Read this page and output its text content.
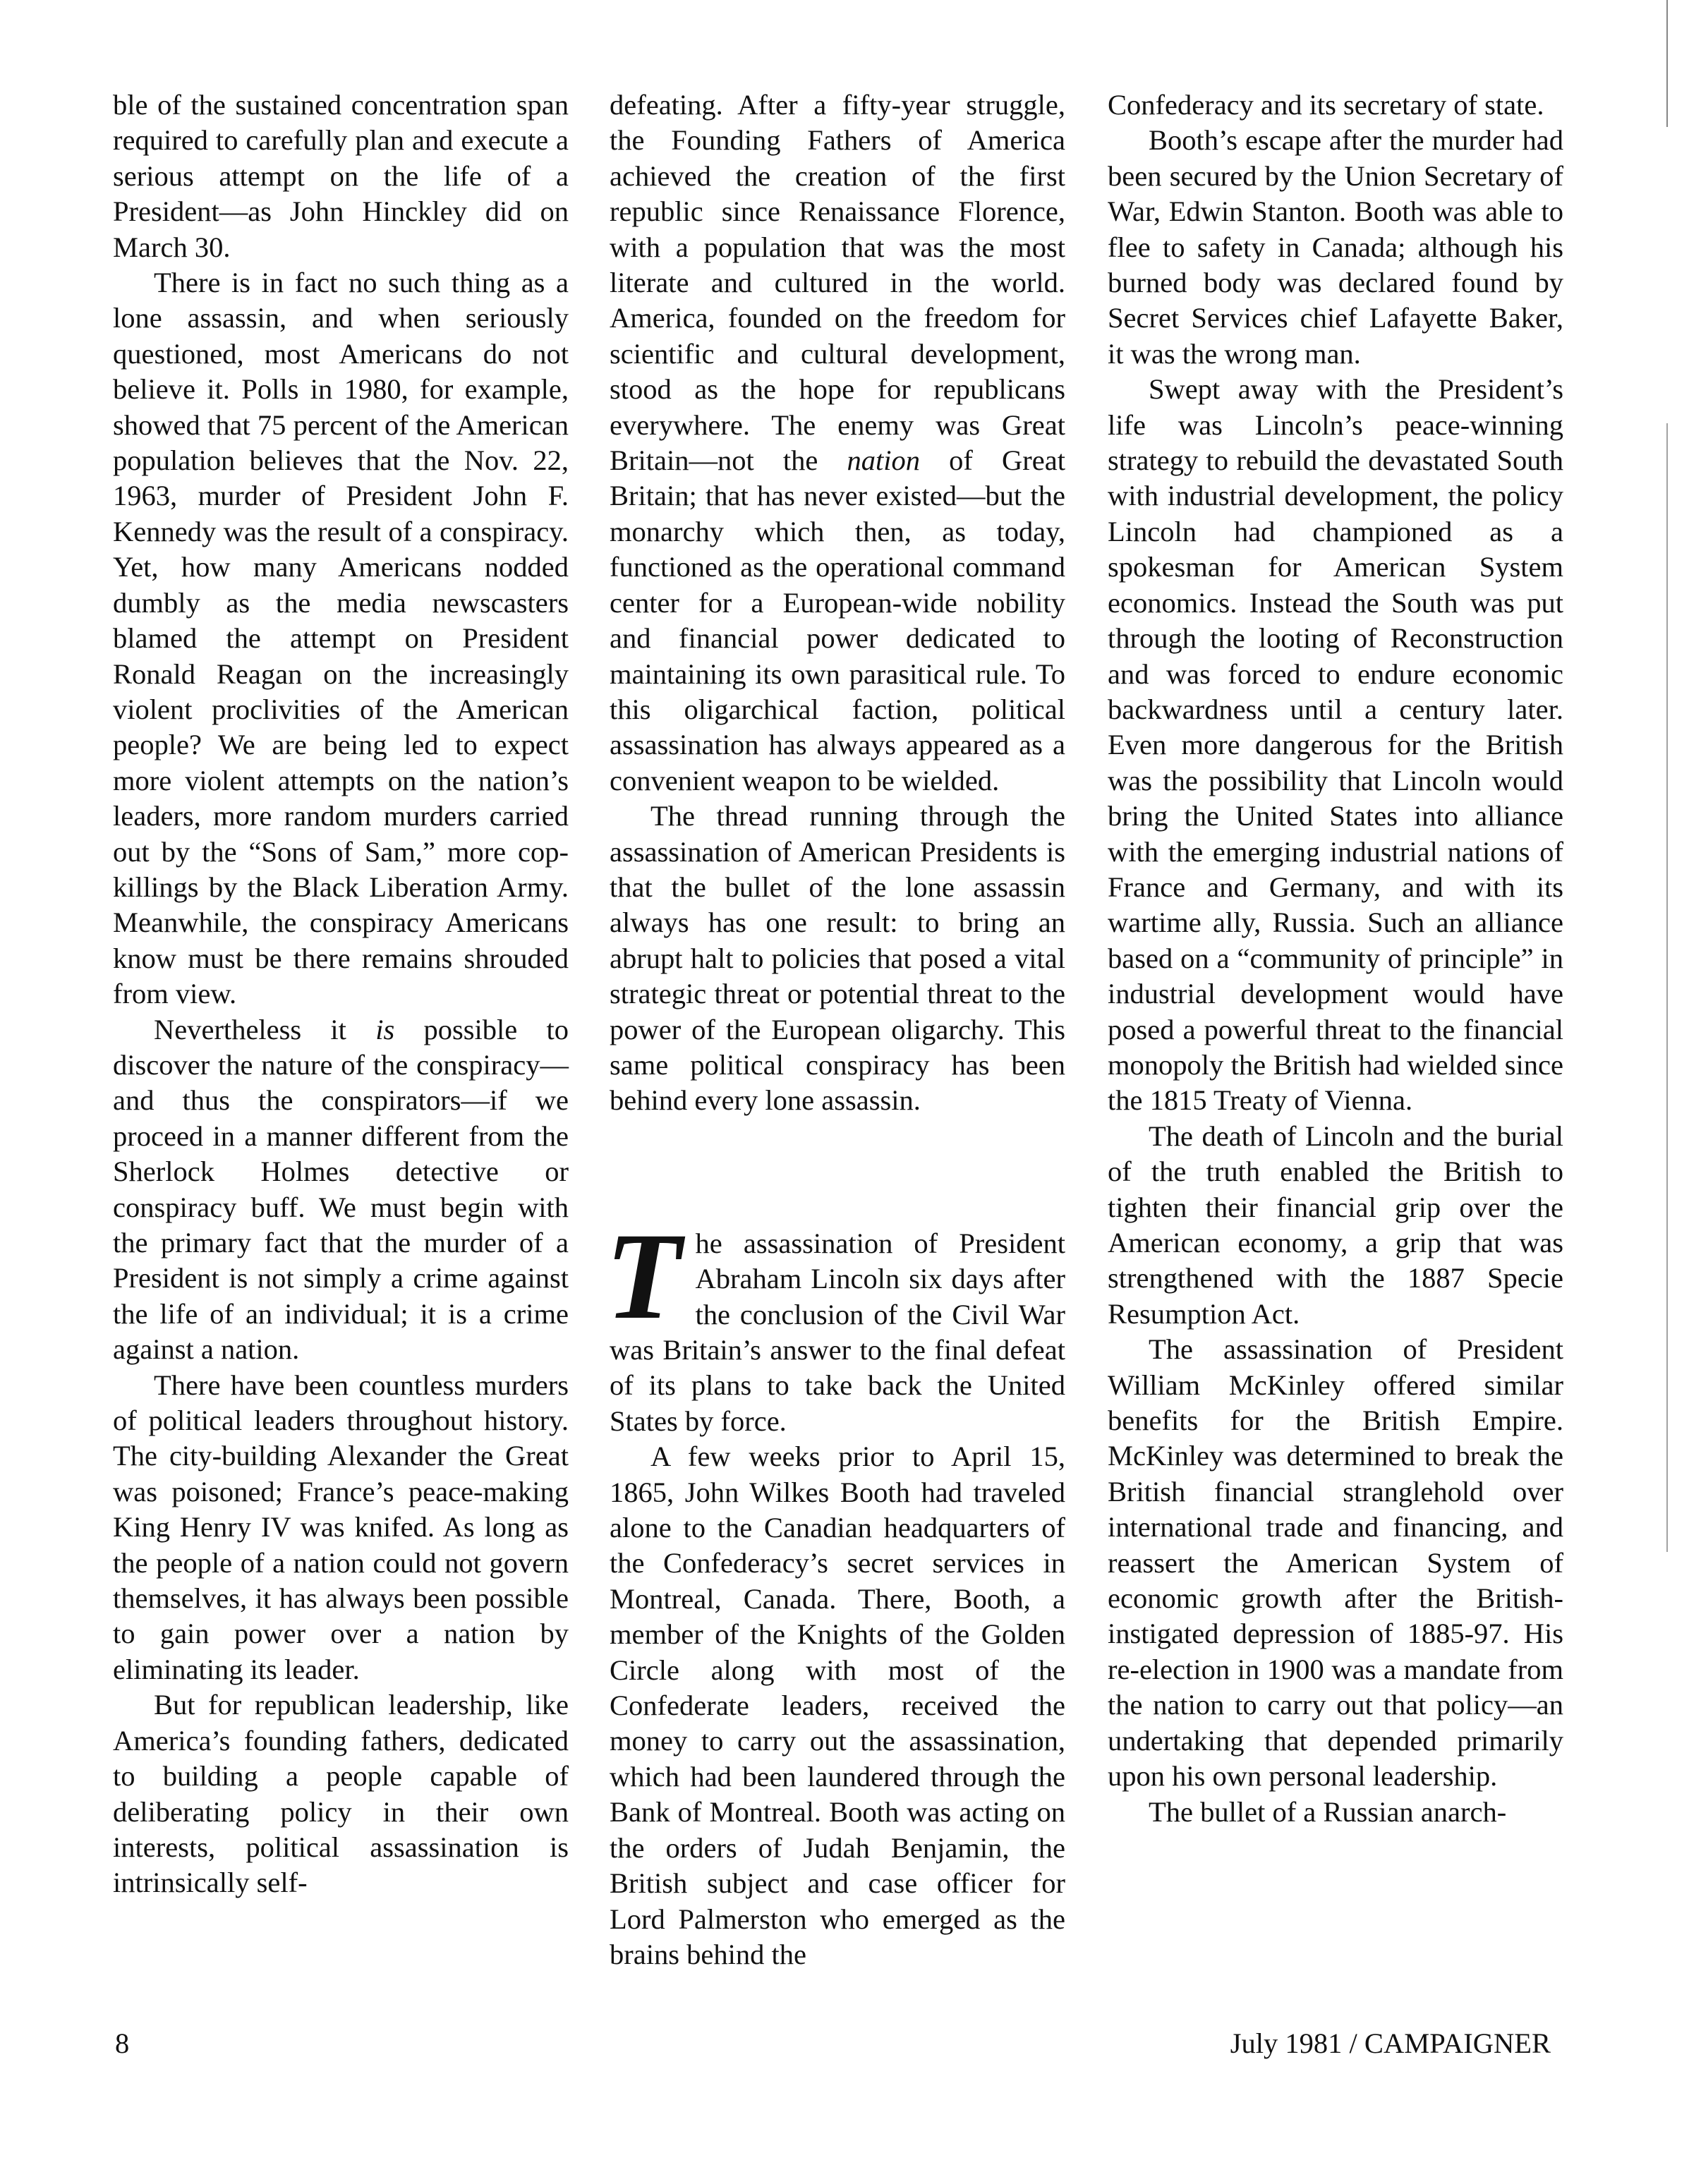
ble of the sustained concentration span required to carefully plan and execute a serious attempt on the life of a President—as John Hinckley did on March 30.

There is in fact no such thing as a lone assassin, and when seriously questioned, most Americans do not believe it. Polls in 1980, for example, showed that 75 percent of the American population believes that the Nov. 22, 1963, murder of President John F. Kennedy was the result of a conspiracy. Yet, how many Americans nodded dumbly as the media newscasters blamed the attempt on President Ronald Reagan on the increasingly violent proclivities of the American people? We are being led to expect more violent attempts on the nation’s leaders, more random murders carried out by the “Sons of Sam,” more cop-killings by the Black Liberation Army. Meanwhile, the conspiracy Americans know must be there remains shrouded from view.

Nevertheless it is possible to discover the nature of the conspiracy—and thus the conspirators—if we proceed in a manner different from the Sherlock Holmes detective or conspiracy buff. We must begin with the primary fact that the murder of a President is not simply a crime against the life of an individual; it is a crime against a nation.

There have been countless murders of political leaders throughout history. The city-building Alexander the Great was poisoned; France’s peace-making King Henry IV was knifed. As long as the people of a nation could not govern themselves, it has always been possible to gain power over a nation by eliminating its leader.

But for republican leadership, like America’s founding fathers, dedicated to building a people capable of deliberating policy in their own interests, political assassination is intrinsically self-

defeating. After a fifty-year struggle, the Founding Fathers of America achieved the creation of the first republic since Renaissance Florence, with a population that was the most literate and cultured in the world. America, founded on the freedom for scientific and cultural development, stood as the hope for republicans everywhere. The enemy was Great Britain—not the nation of Great Britain; that has never existed—but the monarchy which then, as today, functioned as the operational command center for a European-wide nobility and financial power dedicated to maintaining its own parasitical rule. To this oligarchical faction, political assassination has always appeared as a convenient weapon to be wielded.

The thread running through the assassination of American Presidents is that the bullet of the lone assassin always has one result: to bring an abrupt halt to policies that posed a vital strategic threat or potential threat to the power of the European oligarchy. This same political conspiracy has been behind every lone assassin.

The assassination of President Abraham Lincoln six days after the conclusion of the Civil War was Britain’s answer to the final defeat of its plans to take back the United States by force.

A few weeks prior to April 15, 1865, John Wilkes Booth had traveled alone to the Canadian headquarters of the Confederacy’s secret services in Montreal, Canada. There, Booth, a member of the Knights of the Golden Circle along with most of the Confederate leaders, received the money to carry out the assassination, which had been laundered through the Bank of Montreal. Booth was acting on the orders of Judah Benjamin, the British subject and case officer for Lord Palmerston who emerged as the brains behind the

Confederacy and its secretary of state.

Booth’s escape after the murder had been secured by the Union Secretary of War, Edwin Stanton. Booth was able to flee to safety in Canada; although his burned body was declared found by Secret Services chief Lafayette Baker, it was the wrong man.

Swept away with the President’s life was Lincoln’s peace-winning strategy to rebuild the devastated South with industrial development, the policy Lincoln had championed as a spokesman for American System economics. Instead the South was put through the looting of Reconstruction and was forced to endure economic backwardness until a century later. Even more dangerous for the British was the possibility that Lincoln would bring the United States into alliance with the emerging industrial nations of France and Germany, and with its wartime ally, Russia. Such an alliance based on a “community of principle” in industrial development would have posed a powerful threat to the financial monopoly the British had wielded since the 1815 Treaty of Vienna.

The death of Lincoln and the burial of the truth enabled the British to tighten their financial grip over the American economy, a grip that was strengthened with the 1887 Specie Resumption Act.

The assassination of President William McKinley offered similar benefits for the British Empire. McKinley was determined to break the British financial stranglehold over international trade and financing, and reassert the American System of economic growth after the British-instigated depression of 1885-97. His re-election in 1900 was a mandate from the nation to carry out that policy—an undertaking that depended primarily upon his own personal leadership.

The bullet of a Russian anarch-

8	July 1981 / CAMPAIGNER
